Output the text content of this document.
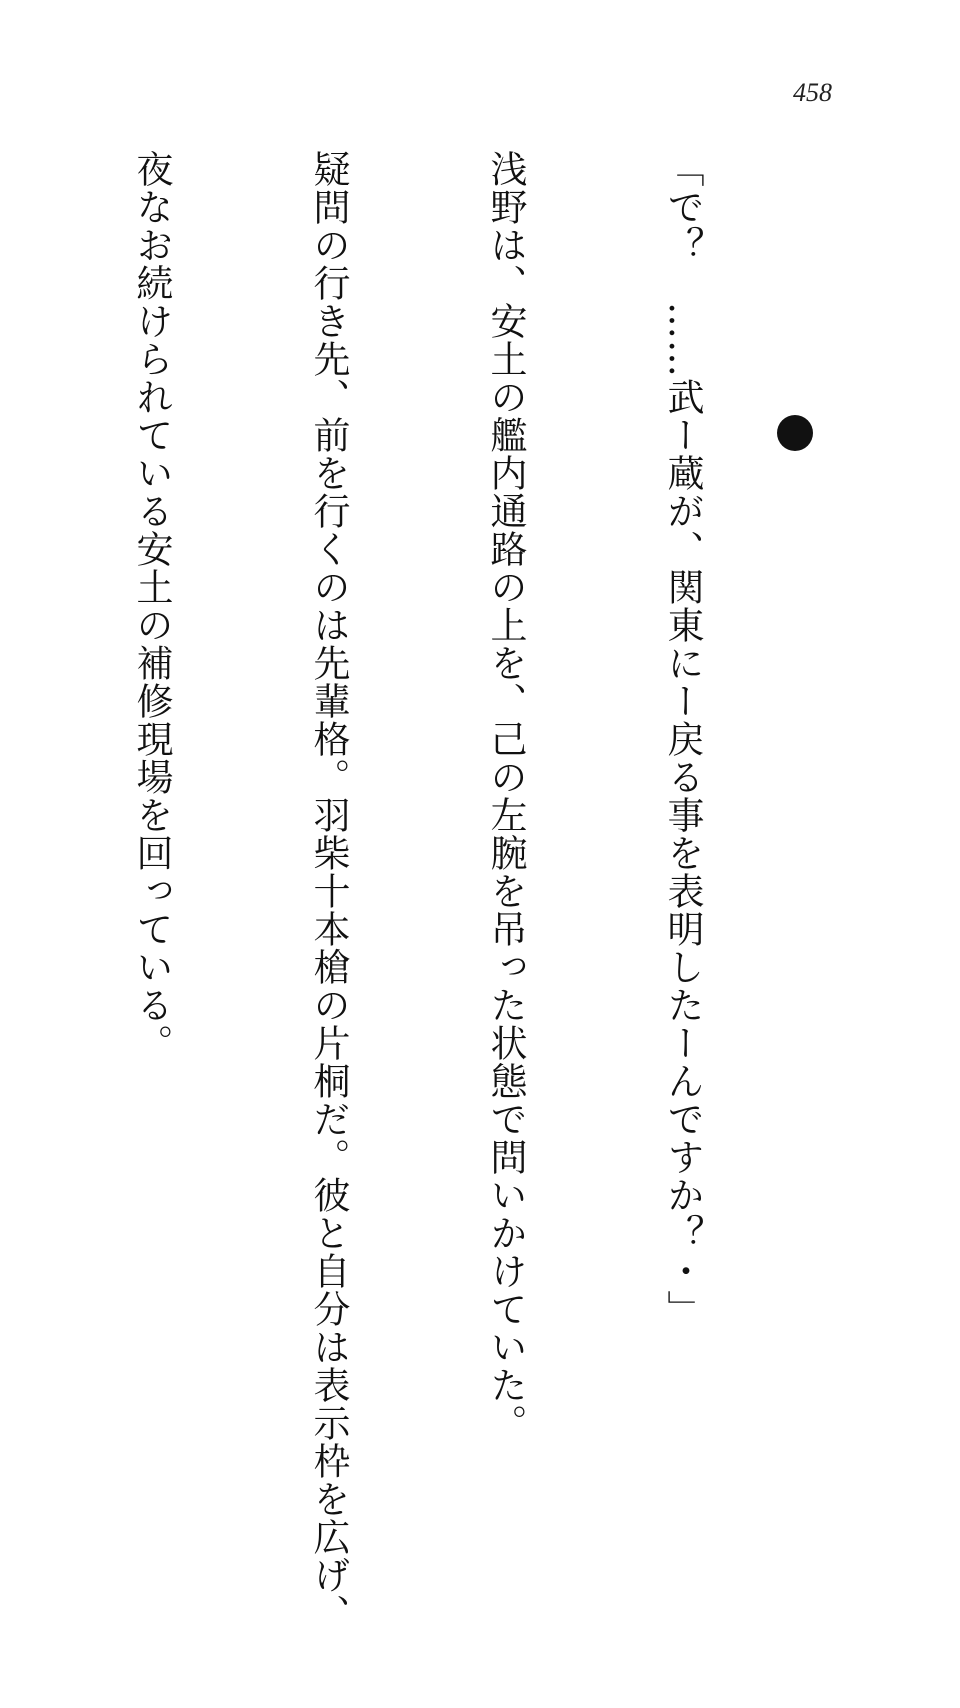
458

「で？　……武ー蔵が、関東にー戻る事を表明したーんですか？・」

浅野は、安土の艦内通路の上を、己の左腕を吊った状態で問いかけていた。

疑問の行き先、前を行くのは先輩格。羽柴十本槍の片桐だ。彼と自分は表示枠を広げ、

夜なお続けられている安土の補修現場を回っている。
